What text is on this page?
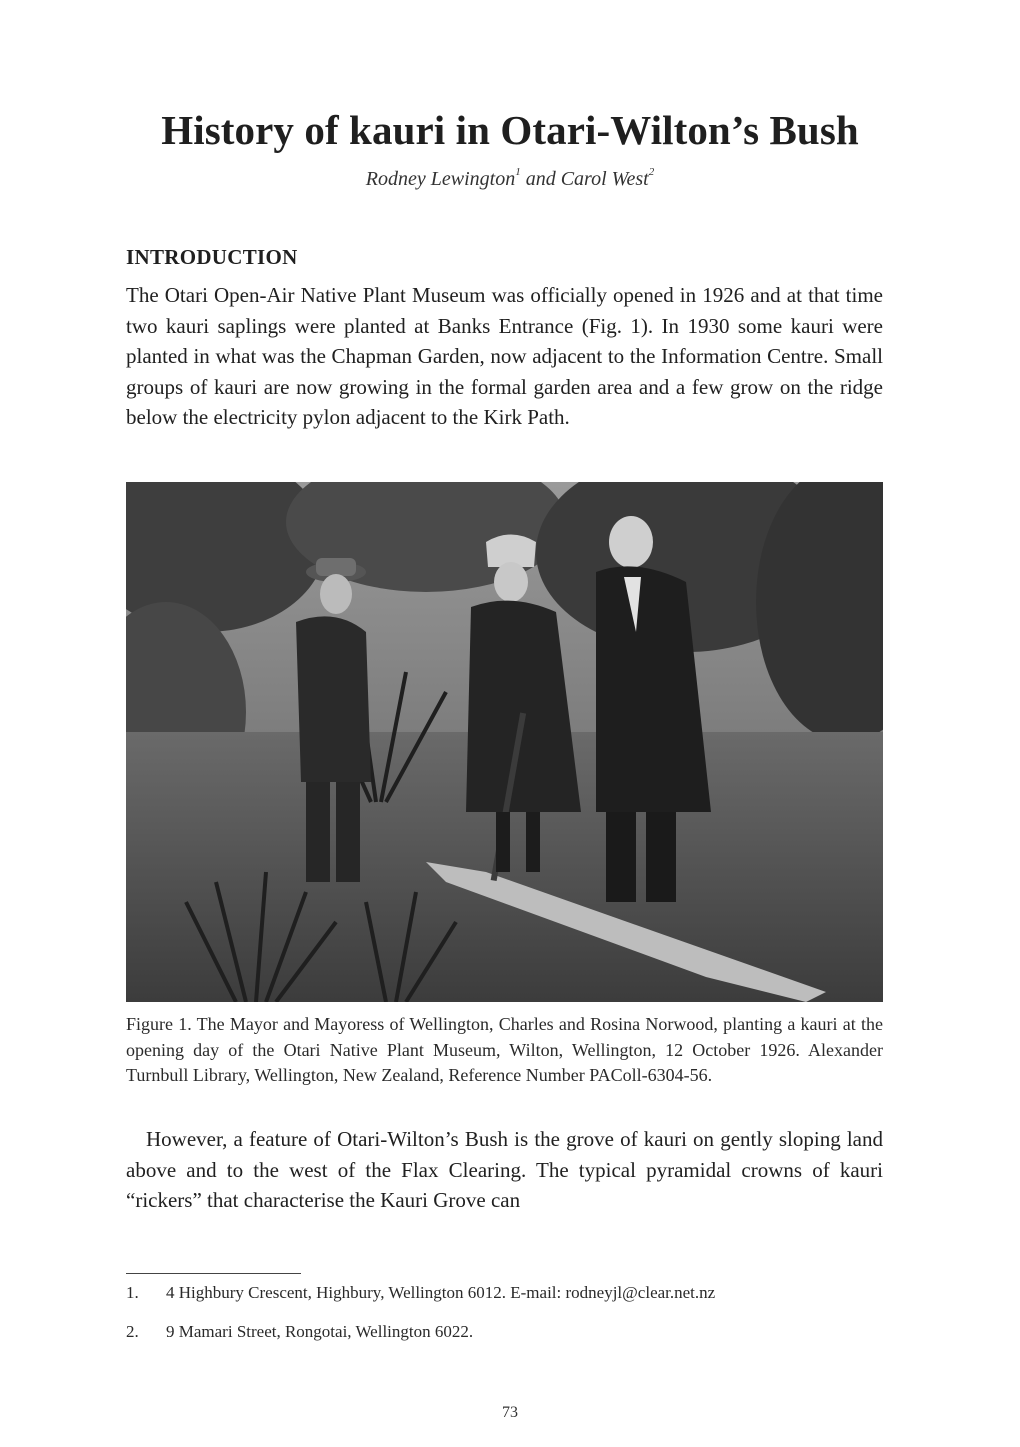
History of kauri in Otari-Wilton’s Bush
Rodney Lewington$^1$ and Carol West$^2$
INTRODUCTION

The Otari Open-Air Native Plant Museum was officially opened in 1926 and at that time two kauri saplings were planted at Banks Entrance (Fig. 1). In 1930 some kauri were planted in what was the Chapman Garden, now adjacent to the Information Centre. Small groups of kauri are now growing in the formal garden area and a few grow on the ridge below the electricity pylon adjacent to the Kirk Path.

Figure 1. The Mayor and Mayoress of Wellington, Charles and Rosina Norwood, planting a kauri at the opening day of the Otari Native Plant Museum, Wilton, Wellington, 12 October 1926. Alexander Turnbull Library, Wellington, New Zealand, Reference Number PAColl-6304-56.

However, a feature of Otari-Wilton’s Bush is the grove of kauri on gently sloping land above and to the west of the Flax Clearing. The typical pyramidal crowns of kauri “rickers” that characterise the Kauri Grove can

1. 4 Highbury Crescent, Highbury, Wellington 6012. E-mail: rodneyjl@clear.net.nz
2. 9 Mamari Street, Rongotai, Wellington 6022.
73
